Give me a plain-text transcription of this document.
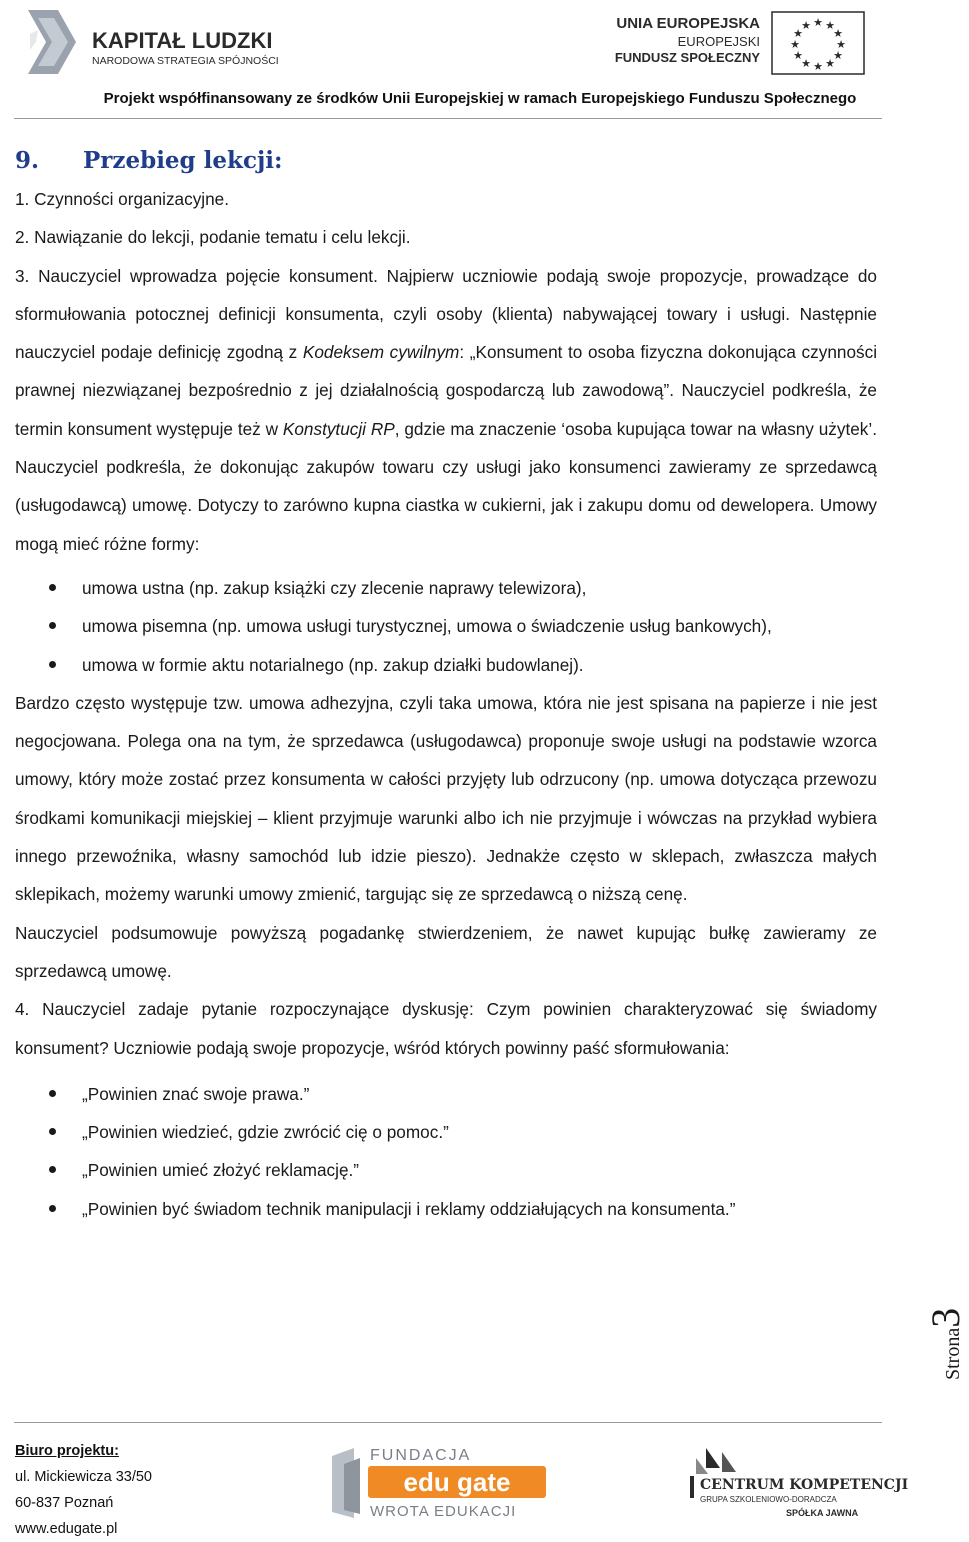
KAPITAŁ LUDZKI
NARODOWA STRATEGIA SPÓJNOŚCI
UNIA EUROPEJSKA
EUROPEJSKI
FUNDUSZ SPOŁECZNY
★ ★
★
★
★
★
★
★
★
★
★
★
Projekt współfinansowany ze środków Unii Europejskiej w ramach Europejskiego Funduszu Społecznego
9. Przebieg lekcji:

1. Czynności organizacyjne.

2. Nawiązanie do lekcji, podanie tematu i celu lekcji.

3. Nauczyciel wprowadza pojęcie konsument. Najpierw uczniowie podają swoje propozycje, prowadzące do sformułowania potocznej definicji konsumenta, czyli osoby (klienta) nabywającej towary i usługi. Następnie nauczyciel podaje definicję zgodną z Kodeksem cywilnym: „Konsument to osoba fizyczna dokonująca czynności prawnej niezwiązanej bezpośrednio z jej działalnością gospodarczą lub zawodową”. Nauczyciel podkreśla, że termin konsument występuje też w Konstytucji RP, gdzie ma znaczenie ‘osoba kupująca towar na własny użytek’. Nauczyciel podkreśla, że dokonując zakupów towaru czy usługi jako konsumenci zawieramy ze sprzedawcą (usługodawcą) umowę. Dotyczy to zarówno kupna ciastka w cukierni, jak i zakupu domu od dewelopera. Umowy mogą mieć różne formy:

umowa ustna (np. zakup książki czy zlecenie naprawy telewizora),
umowa pisemna (np. umowa usługi turystycznej, umowa o świadczenie usług bankowych),
umowa w formie aktu notarialnego (np. zakup działki budowlanej).

Bardzo często występuje tzw. umowa adhezyjna, czyli taka umowa, która nie jest spisana na papierze i nie jest negocjowana. Polega ona na tym, że sprzedawca (usługodawca) proponuje swoje usługi na podstawie wzorca umowy, który może zostać przez konsumenta w całości przyjęty lub odrzucony (np. umowa dotycząca przewozu środkami komunikacji miejskiej – klient przyjmuje warunki albo ich nie przyjmuje i wówczas na przykład wybiera innego przewoźnika, własny samochód lub idzie pieszo). Jednakże często w sklepach, zwłaszcza małych sklepikach, możemy warunki umowy zmienić, targując się ze sprzedawcą o niższą cenę.

Nauczyciel podsumowuje powyższą pogadankę stwierdzeniem, że nawet kupując bułkę zawieramy ze sprzedawcą umowę.

4. Nauczyciel zadaje pytanie rozpoczynające dyskusję: Czym powinien charakteryzować się świadomy konsument? Uczniowie podają swoje propozycje, wśród których powinny paść sformułowania:

„Powinien znać swoje prawa.”
„Powinien wiedzieć, gdzie zwrócić cię o pomoc.”
„Powinien umieć złożyć reklamację.”
„Powinien być świadom technik manipulacji i reklamy oddziałujących na konsumenta.”
Strona3
Biuro projektu:
ul. Mickiewicza 33/50
60-837 Poznań
www.edugate.pl
FUNDACJA
edu gate
WROTA EDUKACJI
CENTRUM KOMPETENCJI
GRUPA SZKOLENIOWO-DORADCZA
SPÓŁKA JAWNA
